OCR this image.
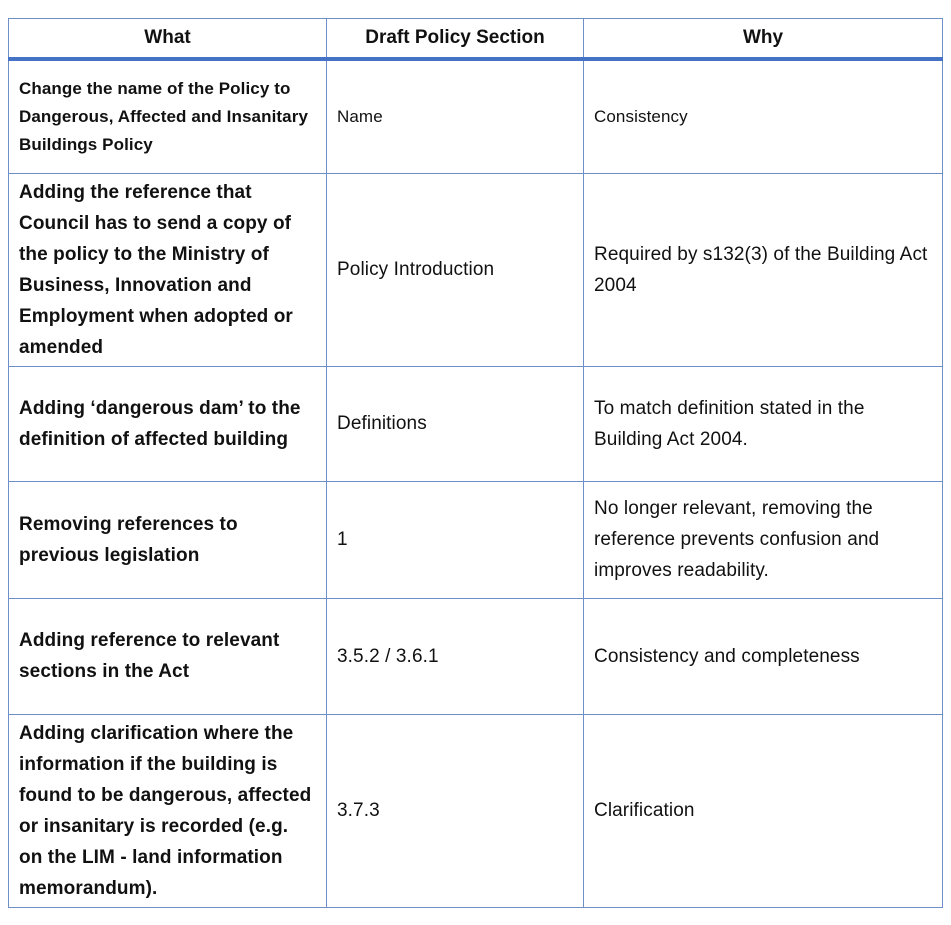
What	Draft Policy Section	Why
Change the name of the Policy to Dangerous, Affected and Insanitary Buildings Policy	Name	Consistency
Adding the reference that Council has to send a copy of the policy to the Ministry of Business, Innovation and Employment when adopted or amended	Policy Introduction	Required by s132(3) of the Building Act 2004
Adding ‘dangerous dam’ to the definition of affected building	Definitions	To match definition stated in the Building Act 2004.
Removing references to previous legislation	1	No longer relevant, removing the reference prevents confusion and improves readability.
Adding reference to relevant sections in the Act	3.5.2 / 3.6.1	Consistency and completeness
Adding clarification where the information if the building is found to be dangerous, affected or insanitary is recorded (e.g. on the LIM - land information memorandum).	3.7.3	Clarification
